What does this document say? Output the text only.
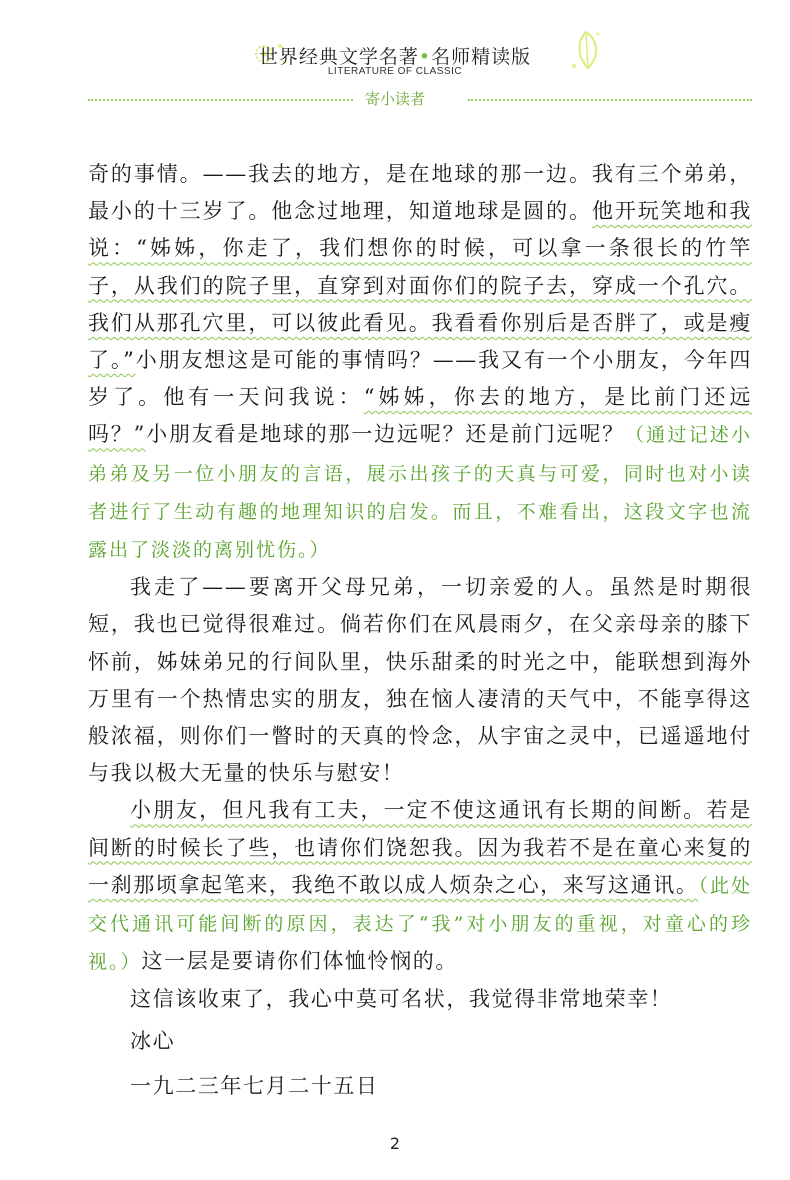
世界经典文学名著•名师精读版
LITERATURE OF CLASSIC
寄小读者

奇的事情。——我去的地方，是在地球的那一边。我有三个弟弟，最小的十三岁了。他念过地理，知道地球是圆的。他开玩笑地和我说：“姊姊，你走了，我们想你的时候，可以拿一条很长的竹竿子，从我们的院子里，直穿到对面你们的院子去，穿成一个孔穴。我们从那孔穴里，可以彼此看见。我看看你别后是否胖了，或是瘦了。”小朋友想这是可能的事情吗？——我又有一个小朋友，今年四岁了。他有一天问我说：“姊姊，你去的地方，是比前门还远吗？”小朋友看是地球的那一边远呢？还是前门远呢？（通过记述小弟弟及另一位小朋友的言语，展示出孩子的天真与可爱，同时也对小读者进行了生动有趣的地理知识的启发。而且，不难看出，这段文字也流露出了淡淡的离别忧伤。）

我走了——要离开父母兄弟，一切亲爱的人。虽然是时期很短，我也已觉得很难过。倘若你们在风晨雨夕，在父亲母亲的膝下怀前，姊妹弟兄的行间队里，快乐甜柔的时光之中，能联想到海外万里有一个热情忠实的朋友，独在恼人凄清的天气中，不能享得这般浓福，则你们一瞥时的天真的怜念，从宇宙之灵中，已遥遥地付与我以极大无量的快乐与慰安！

小朋友，但凡我有工夫，一定不使这通讯有长期的间断。若是间断的时候长了些，也请你们饶恕我。因为我若不是在童心来复的一刹那顷拿起笔来，我绝不敢以成人烦杂之心，来写这通讯。（此处交代通讯可能间断的原因，表达了“我”对小朋友的重视，对童心的珍视。）这一层是要请你们体恤怜悯的。

这信该收束了，我心中莫可名状，我觉得非常地荣幸！

冰心

一九二三年七月二十五日

2
